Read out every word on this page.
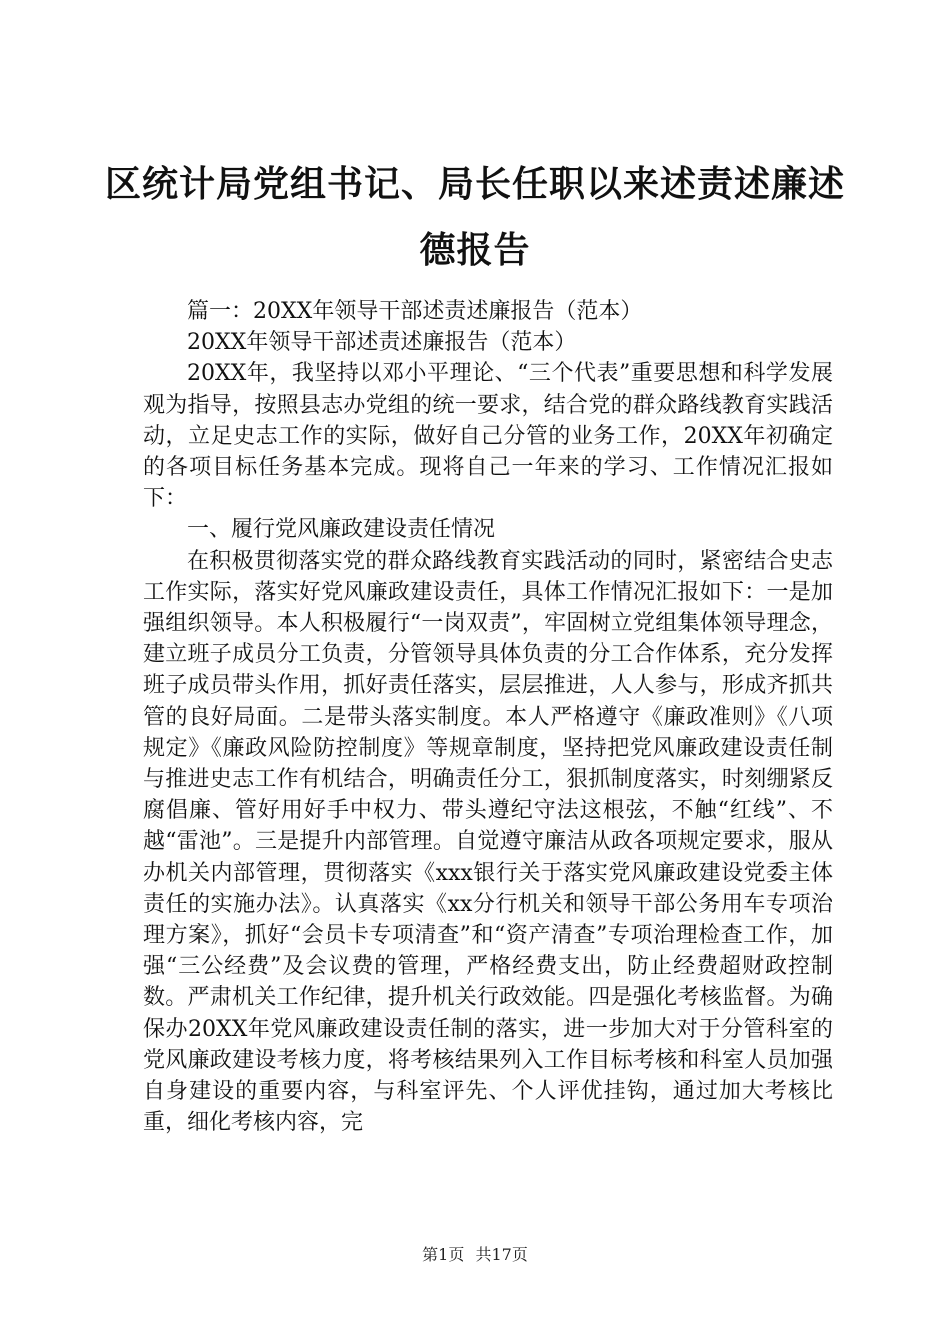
区统计局党组书记、局长任职以来述责述廉述
德报告

篇一：20XX年领导干部述责述廉报告（范本）

20XX年领导干部述责述廉报告（范本）

20XX年，我坚持以邓小平理论、“三个代表”重要思想和科学发展观为指导，按照县志办党组的统一要求，结合党的群众路线教育实践活动，立足史志工作的实际，做好自己分管的业务工作，20XX年初确定的各项目标任务基本完成。现将自己一年来的学习、工作情况汇报如下：

一、履行党风廉政建设责任情况

在积极贯彻落实党的群众路线教育实践活动的同时，紧密结合史志工作实际，落实好党风廉政建设责任，具体工作情况汇报如下：一是加强组织领导。本人积极履行“一岗双责”，牢固树立党组集体领导理念，建立班子成员分工负责，分管领导具体负责的分工合作体系，充分发挥班子成员带头作用，抓好责任落实，层层推进，人人参与，形成齐抓共管的良好局面。二是带头落实制度。本人严格遵守《廉政准则》《八项规定》《廉政风险防控制度》等规章制度，坚持把党风廉政建设责任制与推进史志工作有机结合，明确责任分工，狠抓制度落实，时刻绷紧反腐倡廉、管好用好手中权力、带头遵纪守法这根弦，不触“红线”、不越“雷池”。三是提升内部管理。自觉遵守廉洁从政各项规定要求，服从办机关内部管理，贯彻落实《xxx银行关于落实党风廉政建设党委主体责任的实施办法》。认真落实《xx分行机关和领导干部公务用车专项治理方案》，抓好“会员卡专项清查”和“资产清查”专项治理检查工作，加强“三公经费”及会议费的管理，严格经费支出，防止经费超财政控制数。严肃机关工作纪律，提升机关行政效能。四是强化考核监督。为确保办20XX年党风廉政建设责任制的落实，进一步加大对于分管科室的党风廉政建设考核力度，将考核结果列入工作目标考核和科室人员加强自身建设的重要内容，与科室评先、个人评优挂钩，通过加大考核比重，细化考核内容，完

第1页 共17页
